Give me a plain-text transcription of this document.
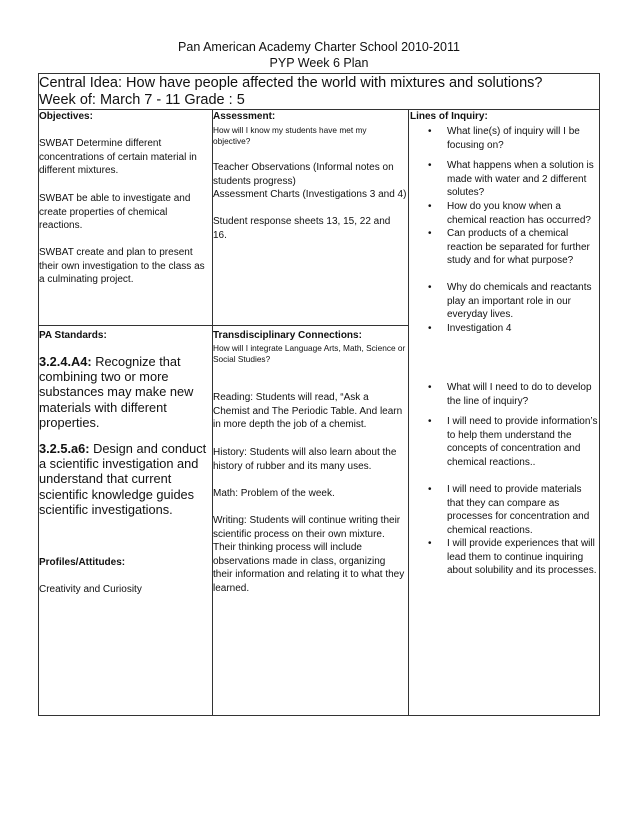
Pan American Academy Charter School 2010-2011
PYP Week 6 Plan
Central Idea: How have people affected the world with mixtures and solutions?
Week of: March 7 - 11 Grade : 5
Objectives:
SWBAT Determine different concentrations of certain material in different mixtures.
SWBAT be able to investigate and create properties of chemical reactions.
SWBAT create and plan to present their own investigation to the class as a culminating project.
Assessment:
How will I know my students have met my objective?
Teacher Observations (Informal notes on students progress)
Assessment Charts (Investigations 3 and 4)
Student response sheets 13, 15, 22 and 16.
Lines of Inquiry:
• What line(s) of inquiry will I be focusing on?
• What happens when a solution is made with water and 2 different solutes?
• How do you know when a chemical reaction has occurred?
• Can products of a chemical reaction be separated for further study and for what purpose?
• Why do chemicals and reactants play an important role in our everyday lives.
• Investigation 4
• What will I need to do to develop the line of inquiry?
• I will need to provide information’s to help them understand the concepts of concentration and chemical reactions..
• I will need to provide materials that they can compare as processes for concentration and chemical reactions.
• I will provide experiences that will lead them to continue inquiring about solubility and its processes.
PA Standards:
3.2.4.A4: Recognize that combining two or more substances may make new materials with different properties.
3.2.5.a6: Design and conduct a scientific investigation and understand that current scientific knowledge guides scientific investigations.
Transdisciplinary Connections:
How will I integrate Language Arts, Math, Science or Social Studies?
Reading: Students will read, “Ask a Chemist and The Periodic Table. And learn in more depth the job of a chemist.
History: Students will also learn about the history of rubber and its many uses.
Math: Problem of the week.
Writing: Students will continue writing their scientific process on their own mixture. Their thinking process will include observations made in class, organizing their information and relating it to what they learned.
Profiles/Attitudes:
Creativity and Curiosity
